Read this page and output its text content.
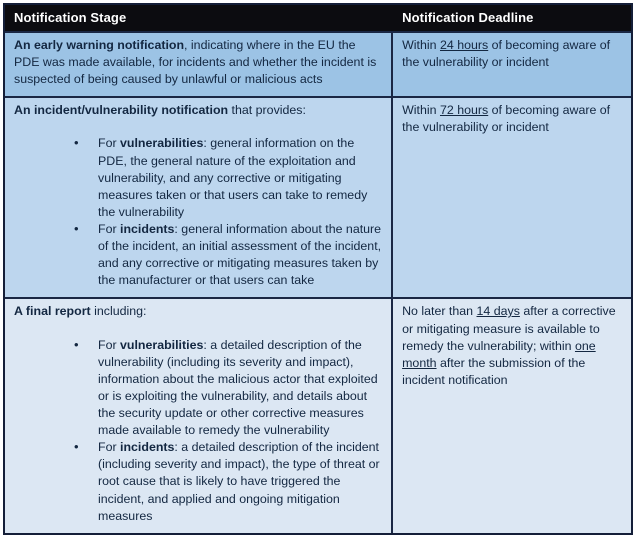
Notification Stage	Notification Deadline

An early warning notification, indicating where in the EU the PDE was made available, for incidents and whether the incident is suspected of being caused by unlawful or malicious acts

Within 24 hours of becoming aware of the vulnerability or incident

An incident/vulnerability notification that provides:

• For vulnerabilities: general information on the PDE, the general nature of the exploitation and vulnerability, and any corrective or mitigating measures taken or that users can take to remedy the vulnerability
• For incidents: general information about the nature of the incident, an initial assessment of the incident, and any corrective or mitigating measures taken by the manufacturer or that users can take

Within 72 hours of becoming aware of the vulnerability or incident

A final report including:

• For vulnerabilities: a detailed description of the vulnerability (including its severity and impact), information about the malicious actor that exploited or is exploiting the vulnerability, and details about the security update or other corrective measures made available to remedy the vulnerability
• For incidents: a detailed description of the incident (including severity and impact), the type of threat or root cause that is likely to have triggered the incident, and applied and ongoing mitigation measures

No later than 14 days after a corrective or mitigating measure is available to remedy the vulnerability; within one month after the submission of the incident notification
